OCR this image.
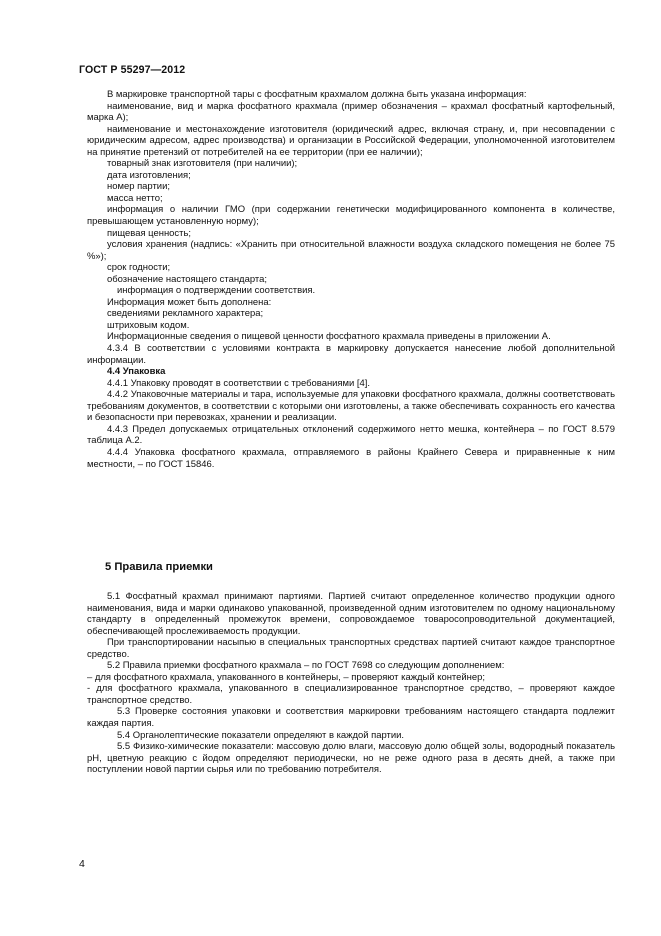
ГОСТ Р 55297—2012

В маркировке транспортной тары с фосфатным крахмалом должна быть указана информация:

наименование, вид и марка фосфатного крахмала (пример обозначения – крахмал фосфатный картофельный, марка А);

наименование и местонахождение изготовителя (юридический адрес, включая страну, и, при несовпадении с юридическим адресом, адрес производства) и организации в Российской Федерации, уполномоченной изготовителем на принятие претензий от потребителей на ее территории (при ее наличии);

товарный знак изготовителя (при наличии);

дата изготовления;

номер партии;

масса нетто;

информация о наличии ГМО (при содержании генетически модифицированного компонента в количестве, превышающем установленную норму);

пищевая ценность;

условия хранения (надпись: «Хранить при относительной влажности воздуха складского помещения не более 75 %»);

срок годности;

обозначение настоящего стандарта;

информация о подтверждении соответствия.

Информация может быть дополнена:

сведениями рекламного характера;

штриховым кодом.

Информационные сведения о пищевой ценности фосфатного крахмала приведены в приложении А.

4.3.4 В соответствии с условиями контракта в маркировку допускается нанесение любой дополнительной информации.

4.4 Упаковка

4.4.1 Упаковку проводят в соответствии с требованиями [4].

4.4.2 Упаковочные материалы и тара, используемые для упаковки фосфатного крахмала, должны соответствовать требованиям документов, в соответствии с которыми они изготовлены, а также обеспечивать сохранность его качества и безопасности при перевозках, хранении и реализации.

4.4.3 Предел допускаемых отрицательных отклонений содержимого нетто мешка, контейнера – по ГОСТ 8.579 таблица А.2.

4.4.4 Упаковка фосфатного крахмала, отправляемого в районы Крайнего Севера и приравненные к ним местности, – по ГОСТ 15846.

5 Правила приемки

5.1 Фосфатный крахмал принимают партиями. Партией считают определенное количество продукции одного наименования, вида и марки одинаково упакованной, произведенной одним изготовителем по одному национальному стандарту в определенный промежуток времени, сопровождаемое товаросопроводительной документацией, обеспечивающей прослеживаемость продукции.

При транспортировании насыпью в специальных транспортных средствах партией считают каждое транспортное средство.

5.2 Правила приемки фосфатного крахмала – по ГОСТ 7698 со следующим дополнением:

– для фосфатного крахмала, упакованного в контейнеры, – проверяют каждый контейнер;

- для фосфатного крахмала, упакованного в специализированное транспортное средство, – проверяют каждое транспортное средство.

5.3 Проверке состояния упаковки и соответствия маркировки требованиям настоящего стандарта подлежит каждая партия.

5.4 Органолептические показатели определяют в каждой партии.

5.5 Физико-химические показатели: массовую долю влаги, массовую долю общей золы, водородный показатель рН, цветную реакцию с йодом определяют периодически, но не реже одного раза в десять дней, а также при поступлении новой партии сырья или по требованию потребителя.

4
